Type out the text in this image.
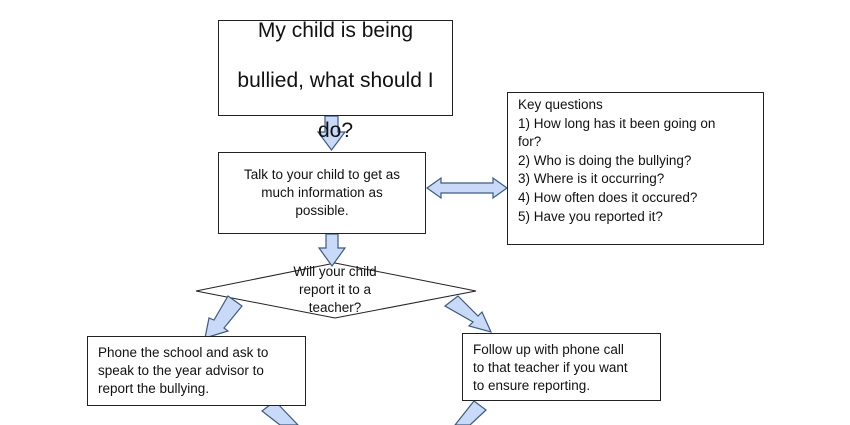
My child is being

bullied, what should I

do?

Talk to your child to get as
much information as
possible.
Key questions
1) How long has it been going on
for?
2) Who is doing the bullying?
3) Where is it occurring?
4) How often does it occured?
5) Have you reported it?
Will your child
report it to a
teacher?
Phone the school and ask to
speak to the year advisor to
report the bullying.
Follow up with phone call
to that teacher if you want
to ensure reporting.
